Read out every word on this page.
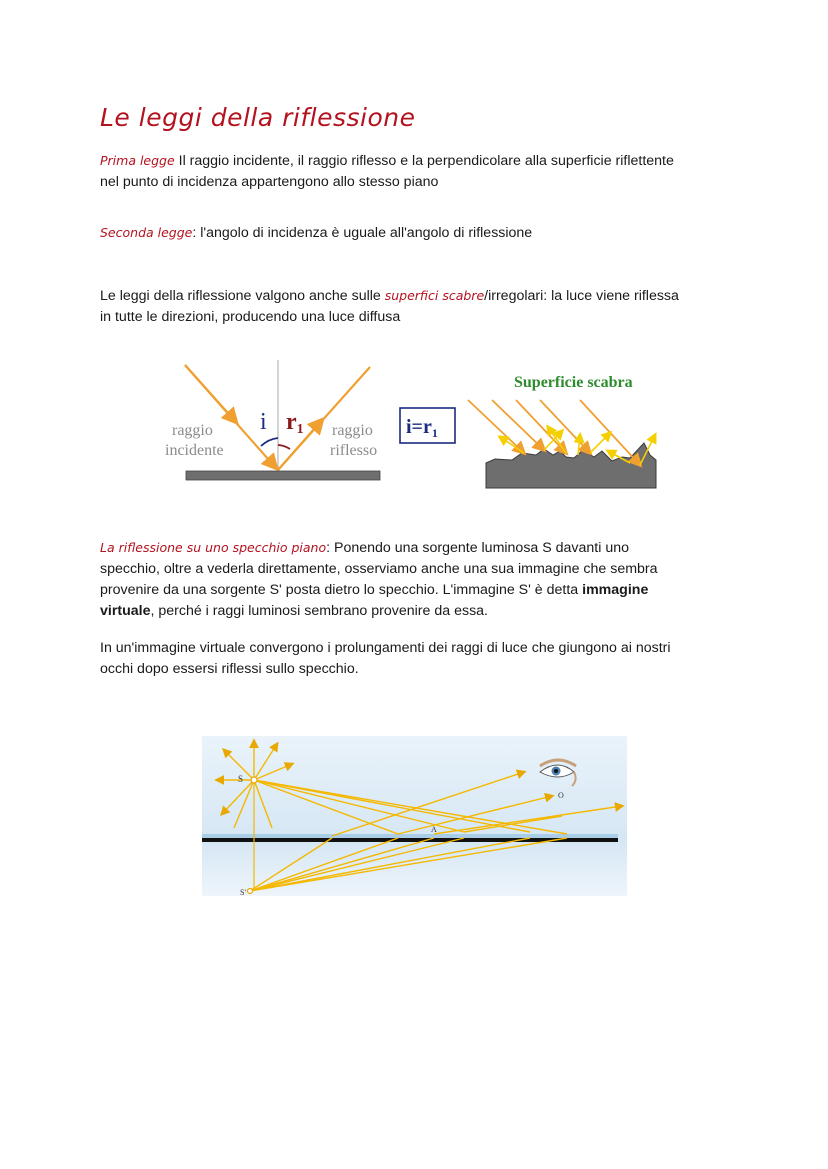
Le leggi della riflessione
Prima legge Il raggio incidente, il raggio riflesso e la perpendicolare alla superficie riflettente
nel punto di incidenza appartengono allo stesso piano
Seconda legge: l'angolo di incidenza è uguale all'angolo di riflessione
Le leggi della riflessione valgono anche sulle superfici scabre/irregolari: la luce viene riflessa
in tutte le direzioni, producendo una luce diffusa
i r1
raggio
incidente
raggio
riflesso
$i=r_1$
Superficie scabra
La riflessione su uno specchio piano: Ponendo una sorgente luminosa S davanti uno
specchio, oltre a vederla direttamente, osserviamo anche una sua immagine che sembra
provenire da una sorgente S' posta dietro lo specchio. L'immagine S' è detta immagine
virtuale, perché i raggi luminosi sembrano provenire da essa.
In un'immagine virtuale convergono i prolungamenti dei raggi di luce che giungono ai nostri
occhi dopo essersi riflessi sullo specchio.
S
S'
A
O
